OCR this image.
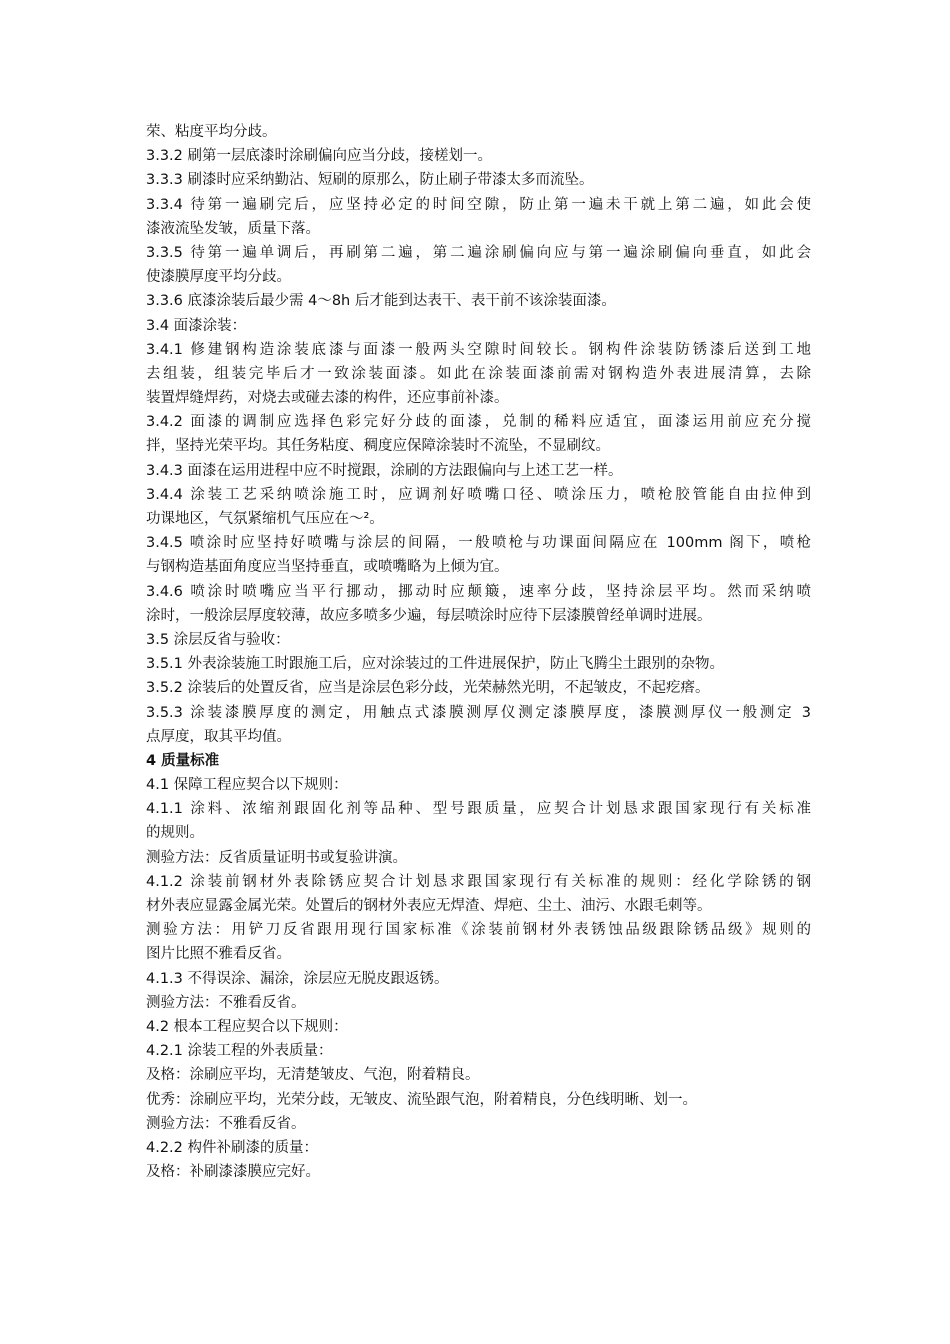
荣、粘度平均分歧。
3.3.2 刷第一层底漆时涂刷偏向应当分歧，接槎划一。
3.3.3 刷漆时应采纳勤沾、短刷的原那么，防止刷子带漆太多而流坠。
3.3.4 待第一遍刷完后，应坚持必定的时间空隙，防止第一遍未干就上第二遍，如此会使
漆液流坠发皱，质量下落。
3.3.5 待第一遍单调后，再刷第二遍，第二遍涂刷偏向应与第一遍涂刷偏向垂直，如此会
使漆膜厚度平均分歧。
3.3.6 底漆涂装后最少需 4～8h 后才能到达表干、表干前不该涂装面漆。
3.4 面漆涂装：
3.4.1 修建钢构造涂装底漆与面漆一般两头空隙时间较长。钢构件涂装防锈漆后送到工地
去组装，组装完毕后才一致涂装面漆。如此在涂装面漆前需对钢构造外表进展清算，去除
装置焊缝焊药，对烧去或碰去漆的构件，还应事前补漆。
3.4.2 面漆的调制应选择色彩完好分歧的面漆，兑制的稀料应适宜，面漆运用前应充分搅
拌，坚持光荣平均。其任务粘度、稠度应保障涂装时不流坠，不显刷纹。
3.4.3 面漆在运用进程中应不时搅跟，涂刷的方法跟偏向与上述工艺一样。
3.4.4 涂装工艺采纳喷涂施工时，应调剂好喷嘴口径、喷涂压力，喷枪胶管能自由拉伸到
功课地区，气氛紧缩机气压应在～²。
3.4.5 喷涂时应坚持好喷嘴与涂层的间隔，一般喷枪与功课面间隔应在 100mm 阁下，喷枪
与钢构造基面角度应当坚持垂直，或喷嘴略为上倾为宜。
3.4.6 喷涂时喷嘴应当平行挪动，挪动时应颠簸，速率分歧，坚持涂层平均。然而采纳喷
涂时，一般涂层厚度较薄，故应多喷多少遍，每层喷涂时应待下层漆膜曾经单调时进展。
3.5 涂层反省与验收：
3.5.1 外表涂装施工时跟施工后，应对涂装过的工件进展保护，防止飞腾尘土跟别的杂物。
3.5.2 涂装后的处置反省，应当是涂层色彩分歧，光荣赫然光明，不起皱皮，不起疙瘩。
3.5.3 涂装漆膜厚度的测定，用触点式漆膜测厚仪测定漆膜厚度，漆膜测厚仪一般测定 3
点厚度，取其平均值。
4 质量标准
4.1 保障工程应契合以下规则：
4.1.1 涂料、浓缩剂跟固化剂等品种、型号跟质量，应契合计划恳求跟国家现行有关标准
的规则。
测验方法：反省质量证明书或复验讲演。
4.1.2 涂装前钢材外表除锈应契合计划恳求跟国家现行有关标准的规则：经化学除锈的钢
材外表应显露金属光荣。处置后的钢材外表应无焊渣、焊疤、尘土、油污、水跟毛刺等。
测验方法：用铲刀反省跟用现行国家标准《涂装前钢材外表锈蚀品级跟除锈品级》规则的
图片比照不雅看反省。
4.1.3 不得误涂、漏涂，涂层应无脱皮跟返锈。
测验方法：不雅看反省。
4.2 根本工程应契合以下规则：
4.2.1 涂装工程的外表质量：
及格：涂刷应平均，无清楚皱皮、气泡，附着精良。
优秀：涂刷应平均，光荣分歧，无皱皮、流坠跟气泡，附着精良，分色线明晰、划一。
测验方法：不雅看反省。
4.2.2 构件补刷漆的质量：
及格：补刷漆漆膜应完好。
